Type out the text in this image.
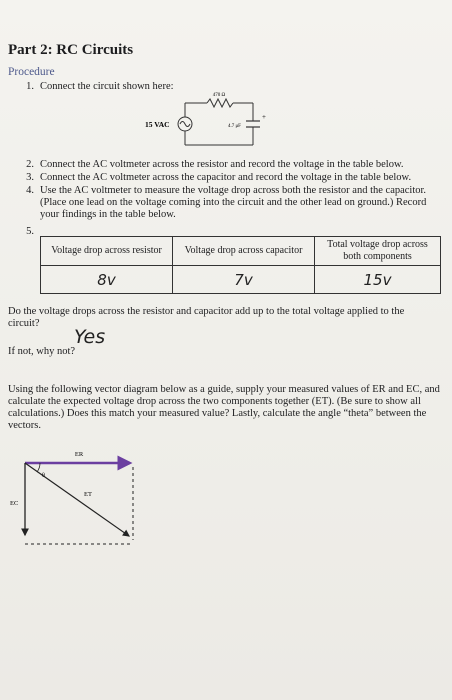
Part 2: RC Circuits
Procedure
1. Connect the circuit shown here:
470 Ω
15 VAC	4.7 μF
+
2. Connect the AC voltmeter across the resistor and record the voltage in the table below.
3. Connect the AC voltmeter across the capacitor and record the voltage in the table below.
4. Use the AC voltmeter to measure the voltage drop across both the resistor and the capacitor. (Place one lead on the voltage coming into the circuit and the other lead on ground.) Record your findings in the table below.
5.
Voltage drop across resistor	Voltage drop across capacitor	Total voltage drop across both components
8v	7v	15v
Do the voltage drops across the resistor and capacitor add up to the total voltage applied to the circuit?
Yes
If not, why not?
Using the following vector diagram below as a guide, supply your measured values of ER and EC, and calculate the expected voltage drop across the two components together (ET). (Be sure to show all calculations.) Does this match your measured value? Lastly, calculate the angle “theta” between the vectors.
ER
ET
EC
θ
